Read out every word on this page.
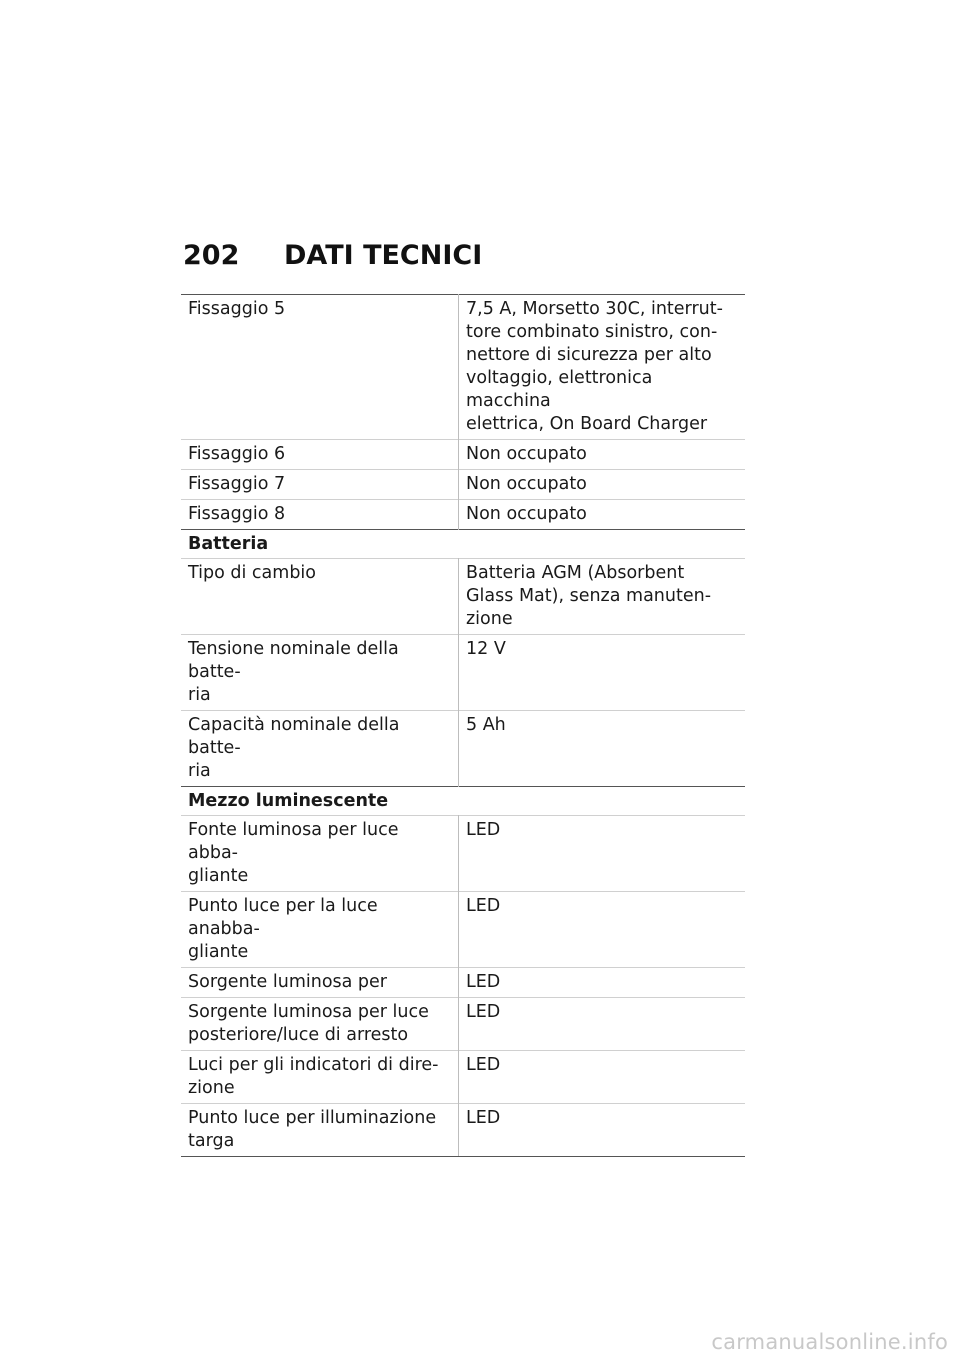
202 DATI TECNICI
Fissaggio 5	7,5 A, Morsetto 30C, interrut-
tore combinato sinistro, con-
nettore di sicurezza per alto
voltaggio, elettronica macchina
elettrica, On Board Charger
Fissaggio 6	Non occupato
Fissaggio 7	Non occupato
Fissaggio 8	Non occupato
Batteria	
Tipo di cambio	Batteria AGM (Absorbent
Glass Mat), senza manuten-
zione
Tensione nominale della batte-
ria	12 V
Capacità nominale della batte-
ria	5 Ah
Mezzo luminescente	
Fonte luminosa per luce abba-
gliante	LED
Punto luce per la luce anabba-
gliante	LED
Sorgente luminosa per	LED
Sorgente luminosa per luce
posteriore/luce di arresto	LED
Luci per gli indicatori di dire-
zione	LED
Punto luce per illuminazione
targa	LED
carmanualsonline.info
